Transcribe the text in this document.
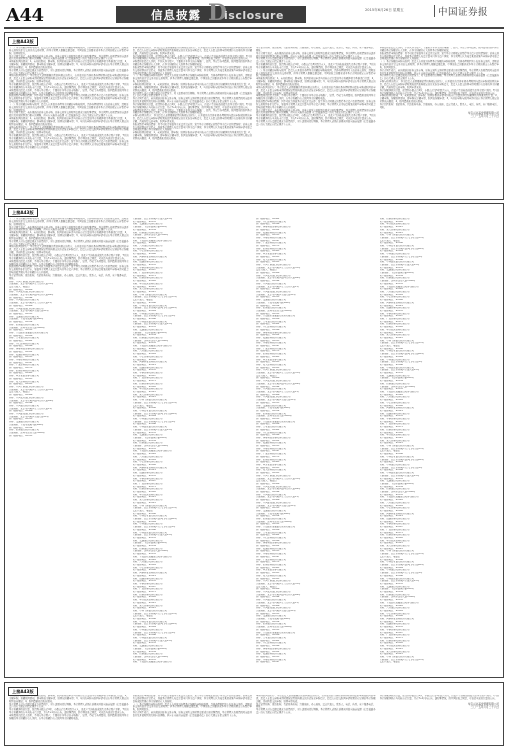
A44	信息披露 D
isclosure	2015年6月26日 星期五	中国证券报
上接A43版
（三）基金份额的申购与赎回：投资人在开放日办理基金份额的申购和赎回，具体办理时间为上海证券交易所、深圳证券交易所的正常交易日的交易时间，但基金管理人根据法律法规、中国证监会的要求或本基金合同的规定公告暂停申购、赎回时除外。
基金合同生效后，若出现新的证券交易市场、证券交易所交易时间变更或其他特殊情况，基金管理人将视情况对前述开放日及开放时间进行相应的调整，但应在实施日前依照《信息披露办法》的有关规定在指定媒介上公告。
申购和赎回的原则：1、未知价原则，即申购、赎回价格以申请当日收市后计算的基金份额净值为基准进行计算；2、金额申购、份额赎回原则，即申购以金额申请，赎回以份额申请；3、当日的申购与赎回申请可以在基金管理人规定的时间以内撤销；4、赎回遵循先进先出原则。
基金管理人可在法律法规允许的情况下，对上述原则进行调整。基金管理人必须在新规则开始实施前依照《信息披露办法》的有关规定在指定媒介上公告。
申购与赎回的程序：基金投资人必须根据销售机构规定的程序，在开放日的具体业务办理时间内提出申购或赎回的申请。投资人在提交申购申请时须按销售机构规定的方式备足申购资金，投资人在提交赎回申请时须持有足够的基金份额余额，否则所提交的申购、赎回申请无效。
基金份额净值的计算，保留到小数点后4位，小数点后第5位四舍五入，由此产生的收益或损失由基金财产承担。T日的基金份额净值在当天收市后计算，并在T+1日内公告。遇特殊情况，经中国证监会同意，可以适当延迟计算或公告。
申购费用由投资人承担，不列入基金财产，主要用于本基金的市场推广、销售、登记等各项费用。赎回费用由赎回基金份额的基金份额持有人承担，在基金份额持有人赎回基金份额时收取。
拒绝或暂停申购的情形：因不可抗力导致基金无法正常运作；发生基金合同规定的暂停基金资产估值情况时；证券交易所交易时间非正常停市，导致基金管理人无法计算当日基金资产净值；基金管理人认为接受某笔或某些申购申请可能会影响或损害现有基金份额持有人利益时。
（三）基金份额的申购与赎回：投资人在开放日办理基金份额的申购和赎回，具体办理时间为上海证券交易所、深圳证券交易所的正常交易日的交易时间，但基金管理人根据法律法规、中国证监会的要求或本基金合同的规定公告暂停申购、赎回时除外。
基金合同生效后，若出现新的证券交易市场、证券交易所交易时间变更或其他特殊情况，基金管理人将视情况对前述开放日及开放时间进行相应的调整，但应在实施日前依照《信息披露办法》的有关规定在指定媒介上公告。
申购和赎回的原则：1、未知价原则，即申购、赎回价格以申请当日收市后计算的基金份额净值为基准进行计算；2、金额申购、份额赎回原则，即申购以金额申请，赎回以份额申请；3、当日的申购与赎回申请可以在基金管理人规定的时间以内撤销；4、赎回遵循先进先出原则。
申购与赎回的程序：基金投资人必须根据销售机构规定的程序，在开放日的具体业务办理时间内提出申购或赎回的申请。投资人在提交申购申请时须按销售机构规定的方式备足申购资金，投资人在提交赎回申请时须持有足够的基金份额余额，否则所提交的申购、赎回申请无效。
基金份额净值的计算，保留到小数点后4位，小数点后第5位四舍五入，由此产生的收益或损失由基金财产承担。T日的基金份额净值在当天收市后计算，并在T+1日内公告。遇特殊情况，经中国证监会同意，可以适当延迟计算或公告。
拒绝或暂停申购的情形：因不可抗力导致基金无法正常运作；发生基金合同规定的暂停基金资产估值情况时；证券交易所交易时间非正常停市，导致基金管理人无法计算当日基金资产净值；基金管理人认为接受某笔或某些申购申请可能会影响或损害现有基金份额持有人利益时。
申购与赎回的程序：基金投资人必须根据销售机构规定的程序，在开放日的具体业务办理时间内提出申购或赎回的申请。投资人在提交申购申请时须按销售机构规定的方式备足申购资金，投资人在提交赎回申请时须持有足够的基金份额余额，否则所提交的申购、赎回申请无效。
基金份额净值的计算，保留到小数点后4位，小数点后第5位四舍五入，由此产生的收益或损失由基金财产承担。T日的基金份额净值在当天收市后计算，并在T+1日内公告。遇特殊情况，经中国证监会同意，可以适当延迟计算或公告。
申购费用由投资人承担，不列入基金财产，主要用于本基金的市场推广、销售、登记等各项费用。赎回费用由赎回基金份额的基金份额持有人承担，在基金份额持有人赎回基金份额时收取。
拒绝或暂停申购的情形：因不可抗力导致基金无法正常运作；发生基金合同规定的暂停基金资产估值情况时；证券交易所交易时间非正常停市，导致基金管理人无法计算当日基金资产净值；基金管理人认为接受某笔或某些申购申请可能会影响或损害现有基金份额持有人利益时。
（三）基金份额的申购与赎回：投资人在开放日办理基金份额的申购和赎回，具体办理时间为上海证券交易所、深圳证券交易所的正常交易日的交易时间，但基金管理人根据法律法规、中国证监会的要求或本基金合同的规定公告暂停申购、赎回时除外。
申购和赎回的原则：1、未知价原则，即申购、赎回价格以申请当日收市后计算的基金份额净值为基准进行计算；2、金额申购、份额赎回原则，即申购以金额申请，赎回以份额申请；3、当日的申购与赎回申请可以在基金管理人规定的时间以内撤销；4、赎回遵循先进先出原则。
基金管理人可在法律法规允许的情况下，对上述原则进行调整。基金管理人必须在新规则开始实施前依照《信息披露办法》的有关规定在指定媒介上公告。
基金合同生效后，若出现新的证券交易市场、证券交易所交易时间变更或其他特殊情况，基金管理人将视情况对前述开放日及开放时间进行相应的调整，但应在实施日前依照《信息披露办法》的有关规定在指定媒介上公告。
基金份额净值的计算，保留到小数点后4位，小数点后第5位四舍五入，由此产生的收益或损失由基金财产承担。T日的基金份额净值在当天收市后计算，并在T+1日内公告。遇特殊情况，经中国证监会同意，可以适当延迟计算或公告。
申购费用由投资人承担，不列入基金财产，主要用于本基金的市场推广、销售、登记等各项费用。赎回费用由赎回基金份额的基金份额持有人承担，在基金份额持有人赎回基金份额时收取。
申购与赎回的程序：基金投资人必须根据销售机构规定的程序，在开放日的具体业务办理时间内提出申购或赎回的申请。投资人在提交申购申请时须按销售机构规定的方式备足申购资金，投资人在提交赎回申请时须持有足够的基金份额余额，否则所提交的申购、赎回申请无效。
拒绝或暂停申购的情形：因不可抗力导致基金无法正常运作；发生基金合同规定的暂停基金资产估值情况时；证券交易所交易时间非正常停市，导致基金管理人无法计算当日基金资产净值；基金管理人认为接受某笔或某些申购申请可能会影响或损害现有基金份额持有人利益时。
申购和赎回的原则：1、未知价原则，即申购、赎回价格以申请当日收市后计算的基金份额净值为基准进行计算；2、金额申购、份额赎回原则，即申购以金额申请，赎回以份额申请；3、当日的申购与赎回申请可以在基金管理人规定的时间以内撤销；4、赎回遵循先进先出原则。
基金销售机构：直销机构、代销机构名称、注册地址、办公地址、法定代表人、联系人、电话、传真、客户服务电话、网址。
基金合同生效后，若出现新的证券交易市场、证券交易所交易时间变更或其他特殊情况，基金管理人将视情况对前述开放日及开放时间进行相应的调整，但应在实施日前依照《信息披露办法》的有关规定在指定媒介上公告。
基金管理人可在法律法规允许的情况下，对上述原则进行调整。基金管理人必须在新规则开始实施前依照《信息披露办法》的有关规定在指定媒介上公告。
基金份额净值的计算，保留到小数点后4位，小数点后第5位四舍五入，由此产生的收益或损失由基金财产承担。T日的基金份额净值在当天收市后计算，并在T+1日内公告。遇特殊情况，经中国证监会同意，可以适当延迟计算或公告。
（三）基金份额的申购与赎回：投资人在开放日办理基金份额的申购和赎回，具体办理时间为上海证券交易所、深圳证券交易所的正常交易日的交易时间，但基金管理人根据法律法规、中国证监会的要求或本基金合同的规定公告暂停申购、赎回时除外。
申购和赎回的原则：1、未知价原则，即申购、赎回价格以申请当日收市后计算的基金份额净值为基准进行计算；2、金额申购、份额赎回原则，即申购以金额申请，赎回以份额申请；3、当日的申购与赎回申请可以在基金管理人规定的时间以内撤销；4、赎回遵循先进先出原则。
申购与赎回的程序：基金投资人必须根据销售机构规定的程序，在开放日的具体业务办理时间内提出申购或赎回的申请。投资人在提交申购申请时须按销售机构规定的方式备足申购资金，投资人在提交赎回申请时须持有足够的基金份额余额，否则所提交的申购、赎回申请无效。
申购费用由投资人承担，不列入基金财产，主要用于本基金的市场推广、销售、登记等各项费用。赎回费用由赎回基金份额的基金份额持有人承担，在基金份额持有人赎回基金份额时收取。
拒绝或暂停申购的情形：因不可抗力导致基金无法正常运作；发生基金合同规定的暂停基金资产估值情况时；证券交易所交易时间非正常停市，导致基金管理人无法计算当日基金资产净值；基金管理人认为接受某笔或某些申购申请可能会影响或损害现有基金份额持有人利益时。
基金合同生效后，若出现新的证券交易市场、证券交易所交易时间变更或其他特殊情况，基金管理人将视情况对前述开放日及开放时间进行相应的调整，但应在实施日前依照《信息披露办法》的有关规定在指定媒介上公告。
基金份额净值的计算，保留到小数点后4位，小数点后第5位四舍五入，由此产生的收益或损失由基金财产承担。T日的基金份额净值在当天收市后计算，并在T+1日内公告。遇特殊情况，经中国证监会同意，可以适当延迟计算或公告。
基金管理人可在法律法规允许的情况下，对上述原则进行调整。基金管理人必须在新规则开始实施前依照《信息披露办法》的有关规定在指定媒介上公告。
申购费用由投资人承担，不列入基金财产，主要用于本基金的市场推广、销售、登记等各项费用。赎回费用由赎回基金份额的基金份额持有人承担，在基金份额持有人赎回基金份额时收取。
拒绝或暂停申购的情形：因不可抗力导致基金无法正常运作；发生基金合同规定的暂停基金资产估值情况时；证券交易所交易时间非正常停市，导致基金管理人无法计算当日基金资产净值；基金管理人认为接受某笔或某些申购申请可能会影响或损害现有基金份额持有人利益时。
（三）基金份额的申购与赎回：投资人在开放日办理基金份额的申购和赎回，具体办理时间为上海证券交易所、深圳证券交易所的正常交易日的交易时间，但基金管理人根据法律法规、中国证监会的要求或本基金合同的规定公告暂停申购、赎回时除外。
基金合同生效后，若出现新的证券交易市场、证券交易所交易时间变更或其他特殊情况，基金管理人将视情况对前述开放日及开放时间进行相应的调整，但应在实施日前依照《信息披露办法》的有关规定在指定媒介上公告。
基金管理人可在法律法规允许的情况下，对上述原则进行调整。基金管理人必须在新规则开始实施前依照《信息披露办法》的有关规定在指定媒介上公告。
申购与赎回的程序：基金投资人必须根据销售机构规定的程序，在开放日的具体业务办理时间内提出申购或赎回的申请。投资人在提交申购申请时须按销售机构规定的方式备足申购资金，投资人在提交赎回申请时须持有足够的基金份额余额，否则所提交的申购、赎回申请无效。
基金份额净值的计算，保留到小数点后4位，小数点后第5位四舍五入，由此产生的收益或损失由基金财产承担。T日的基金份额净值在当天收市后计算，并在T+1日内公告。遇特殊情况，经中国证监会同意，可以适当延迟计算或公告。
申购和赎回的原则：1、未知价原则，即申购、赎回价格以申请当日收市后计算的基金份额净值为基准进行计算；2、金额申购、份额赎回原则，即申购以金额申请，赎回以份额申请；3、当日的申购与赎回申请可以在基金管理人规定的时间以内撤销；4、赎回遵循先进先出原则。
基金销售机构：直销机构、代销机构名称、注册地址、办公地址、法定代表人、联系人、电话、传真、客户服务电话、网址。
华宝兴业基金管理有限公司
二〇一五年六月二十六日
上接A43版
（三）基金份额的申购与赎回：投资人在开放日办理基金份额的申购和赎回，具体办理时间为上海证券交易所、深圳证券交易所的正常交易日的交易时间，但基金管理人根据法律法规、中国证监会的要求或本基金合同的规定公告暂停申购、赎回时除外。
基金合同生效后，若出现新的证券交易市场、证券交易所交易时间变更或其他特殊情况，基金管理人将视情况对前述开放日及开放时间进行相应的调整，但应在实施日前依照《信息披露办法》的有关规定在指定媒介上公告。
申购和赎回的原则：1、未知价原则，即申购、赎回价格以申请当日收市后计算的基金份额净值为基准进行计算；2、金额申购、份额赎回原则，即申购以金额申请，赎回以份额申请；3、当日的申购与赎回申请可以在基金管理人规定的时间以内撤销；4、赎回遵循先进先出原则。
基金管理人可在法律法规允许的情况下，对上述原则进行调整。基金管理人必须在新规则开始实施前依照《信息披露办法》的有关规定在指定媒介上公告。
申购与赎回的程序：基金投资人必须根据销售机构规定的程序，在开放日的具体业务办理时间内提出申购或赎回的申请。投资人在提交申购申请时须按销售机构规定的方式备足申购资金，投资人在提交赎回申请时须持有足够的基金份额余额，否则所提交的申购、赎回申请无效。
基金份额净值的计算，保留到小数点后4位，小数点后第5位四舍五入，由此产生的收益或损失由基金财产承担。T日的基金份额净值在当天收市后计算，并在T+1日内公告。遇特殊情况，经中国证监会同意，可以适当延迟计算或公告。
申购费用由投资人承担，不列入基金财产，主要用于本基金的市场推广、销售、登记等各项费用。赎回费用由赎回基金份额的基金份额持有人承担，在基金份额持有人赎回基金份额时收取。
拒绝或暂停申购的情形：因不可抗力导致基金无法正常运作；发生基金合同规定的暂停基金资产估值情况时；证券交易所交易时间非正常停市，导致基金管理人无法计算当日基金资产净值；基金管理人认为接受某笔或某些申购申请可能会影响或损害现有基金份额持有人利益时。
基金销售机构：直销机构、代销机构名称、注册地址、办公地址、法定代表人、联系人、电话、传真、客户服务电话、网址。
名称：中国工商银行股份有限公司
注册地址：北京市西城区复兴门内大街55号
法定代表人：姜建清
客户服务电话：95588
名称：中国农业银行股份有限公司
注册地址：北京市东城区建国门内大街69号
客户服务电话：95599
名称：中国银行股份有限公司
注册地址：北京市西城区复兴门内大街1号
客户服务电话：95566
名称：中国建设银行股份有限公司
注册地址：北京市西城区金融大街25号
客户服务电话：95533
名称：交通银行股份有限公司
注册地址：上海市银城中路188号
客户服务电话：95559
名称：招商银行股份有限公司
注册地址：深圳市深南大道7088号
客户服务电话：95555
名称：上海浦东发展银行股份有限公司
客户服务电话：95528
名称：兴业银行股份有限公司
客户服务电话：95561
名称：中信证券股份有限公司
客户服务电话：95548
名称：国泰君安证券股份有限公司
客户服务电话：95521
名称：海通证券股份有限公司
客户服务电话：95553
名称：华泰证券股份有限公司
客户服务电话：95597
名称：广发证券股份有限公司
客户服务电话：95575
名称：招商证券股份有限公司
客户服务电话：95565
名称：申万宏源证券有限公司
客户服务电话：95523
名称：光大证券股份有限公司
客户服务电话：95525
名称：中国工商银行股份有限公司
注册地址：北京市西城区复兴门内大街55号
法定代表人：姜建清
客户服务电话：95588
名称：中国农业银行股份有限公司
注册地址：北京市东城区建国门内大街69号
客户服务电话：95599
名称：中国银行股份有限公司
注册地址：北京市西城区复兴门内大街1号
客户服务电话：95566
名称：中国建设银行股份有限公司
注册地址：北京市西城区金融大街25号
客户服务电话：95533
名称：交通银行股份有限公司
注册地址：上海市银城中路188号
客户服务电话：95559
名称：招商银行股份有限公司
注册地址：深圳市深南大道7088号
客户服务电话：95555
注册地址：北京市西城区金融大街25号
客户服务电话：95533
名称：交通银行股份有限公司
注册地址：上海市银城中路188号
客户服务电话：95559
名称：招商银行股份有限公司
注册地址：深圳市深南大道7088号
客户服务电话：95555
名称：上海浦东发展银行股份有限公司
客户服务电话：95528
名称：兴业银行股份有限公司
客户服务电话：95561
名称：中信证券股份有限公司
客户服务电话：95548
名称：国泰君安证券股份有限公司
客户服务电话：95521
名称：海通证券股份有限公司
客户服务电话：95553
名称：华泰证券股份有限公司
客户服务电话：95597
名称：广发证券股份有限公司
客户服务电话：95575
名称：招商证券股份有限公司
客户服务电话：95565
名称：申万宏源证券有限公司
客户服务电话：95523
名称：光大证券股份有限公司
客户服务电话：95525
名称：中国工商银行股份有限公司
注册地址：北京市西城区复兴门内大街55号
法定代表人：姜建清
客户服务电话：95588
名称：中国农业银行股份有限公司
注册地址：北京市东城区建国门内大街69号
客户服务电话：95599
名称：中国银行股份有限公司
注册地址：北京市西城区复兴门内大街1号
客户服务电话：95566
名称：中国建设银行股份有限公司
注册地址：北京市西城区金融大街25号
客户服务电话：95533
名称：交通银行股份有限公司
注册地址：上海市银城中路188号
客户服务电话：95559
名称：招商银行股份有限公司
注册地址：深圳市深南大道7088号
客户服务电话：95555
名称：上海浦东发展银行股份有限公司
客户服务电话：95528
名称：兴业银行股份有限公司
客户服务电话：95561
名称：中信证券股份有限公司
客户服务电话：95548
名称：国泰君安证券股份有限公司
客户服务电话：95521
名称：海通证券股份有限公司
客户服务电话：95553
名称：华泰证券股份有限公司
客户服务电话：95597
名称：广发证券股份有限公司
客户服务电话：95575
名称：招商证券股份有限公司
客户服务电话：95565
名称：申万宏源证券有限公司
客户服务电话：95523
名称：光大证券股份有限公司
客户服务电话：95525
名称：中国工商银行股份有限公司
注册地址：北京市西城区复兴门内大街55号
法定代表人：姜建清
客户服务电话：95588
名称：中国农业银行股份有限公司
注册地址：北京市东城区建国门内大街69号
客户服务电话：95599
名称：中国银行股份有限公司
注册地址：北京市西城区复兴门内大街1号
客户服务电话：95566
名称：中国建设银行股份有限公司
注册地址：北京市西城区金融大街25号
客户服务电话：95533
名称：交通银行股份有限公司
注册地址：上海市银城中路188号
客户服务电话：95559
名称：招商银行股份有限公司
注册地址：深圳市深南大道7088号
客户服务电话：95555
名称：上海浦东发展银行股份有限公司
客户服务电话：95528
名称：兴业银行股份有限公司
客户服务电话：95561
名称：中信证券股份有限公司
客户服务电话：95548
名称：国泰君安证券股份有限公司
客户服务电话：95521
名称：海通证券股份有限公司
客户服务电话：95553
名称：华泰证券股份有限公司
客户服务电话：95597
名称：广发证券股份有限公司
客户服务电话：95575
名称：招商证券股份有限公司
客户服务电话：95565
名称：申万宏源证券有限公司
客户服务电话：95523
名称：光大证券股份有限公司
客户服务电话：95525
名称：中国工商银行股份有限公司
注册地址：北京市西城区复兴门内大街55号
法定代表人：姜建清
客户服务电话：95588
名称：中国农业银行股份有限公司
注册地址：北京市东城区建国门内大街69号
客户服务电话：95599
名称：中国银行股份有限公司
注册地址：北京市西城区复兴门内大街1号
客户服务电话：95566
名称：中国建设银行股份有限公司
注册地址：北京市西城区金融大街25号
客户服务电话：95533
名称：交通银行股份有限公司
注册地址：上海市银城中路188号
客户服务电话：95559
名称：招商银行股份有限公司
注册地址：深圳市深南大道7088号
客户服务电话：95555
名称：上海浦东发展银行股份有限公司
客户服务电话：95528
名称：兴业银行股份有限公司
客户服务电话：95561
名称：中信证券股份有限公司
客户服务电话：95548
名称：国泰君安证券股份有限公司
客户服务电话：95521
名称：海通证券股份有限公司
客户服务电话：95553
名称：华泰证券股份有限公司
客户服务电话：95597
名称：广发证券股份有限公司
客户服务电话：95575
名称：招商证券股份有限公司
客户服务电话：95565
名称：申万宏源证券有限公司
客户服务电话：95523
名称：光大证券股份有限公司
客户服务电话：95525
名称：中国工商银行股份有限公司
注册地址：北京市西城区复兴门内大街55号
法定代表人：姜建清
客户服务电话：95588
名称：中国农业银行股份有限公司
注册地址：北京市东城区建国门内大街69号
客户服务电话：95599
名称：中国银行股份有限公司
注册地址：北京市西城区复兴门内大街1号
客户服务电话：95566
名称：中国建设银行股份有限公司
注册地址：北京市西城区金融大街25号
客户服务电话：95533
名称：交通银行股份有限公司
注册地址：上海市银城中路188号
客户服务电话：95559
名称：招商银行股份有限公司
注册地址：深圳市深南大道7088号
客户服务电话：95555
名称：上海浦东发展银行股份有限公司
客户服务电话：95561
名称：中信证券股份有限公司
客户服务电话：95548
名称：国泰君安证券股份有限公司
客户服务电话：95521
名称：海通证券股份有限公司
客户服务电话：95553
名称：华泰证券股份有限公司
客户服务电话：95597
名称：广发证券股份有限公司
客户服务电话：95575
名称：招商证券股份有限公司
客户服务电话：95565
名称：申万宏源证券有限公司
客户服务电话：95523
名称：光大证券股份有限公司
客户服务电话：95525
名称：中国工商银行股份有限公司
注册地址：北京市西城区复兴门内大街55号
法定代表人：姜建清
客户服务电话：95588
名称：中国农业银行股份有限公司
注册地址：北京市东城区建国门内大街69号
客户服务电话：95599
名称：中国银行股份有限公司
注册地址：北京市西城区复兴门内大街1号
客户服务电话：95566
名称：中国建设银行股份有限公司
注册地址：北京市西城区金融大街25号
客户服务电话：95533
名称：交通银行股份有限公司
注册地址：上海市银城中路188号
客户服务电话：95559
名称：招商银行股份有限公司
注册地址：深圳市深南大道7088号
客户服务电话：95555
名称：上海浦东发展银行股份有限公司
客户服务电话：95528
名称：兴业银行股份有限公司
客户服务电话：95561
名称：中信证券股份有限公司
客户服务电话：95548
名称：国泰君安证券股份有限公司
客户服务电话：95521
名称：海通证券股份有限公司
客户服务电话：95553
名称：华泰证券股份有限公司
客户服务电话：95597
名称：广发证券股份有限公司
客户服务电话：95575
名称：招商证券股份有限公司
客户服务电话：95565
名称：申万宏源证券有限公司
客户服务电话：95523
名称：光大证券股份有限公司
客户服务电话：95525
名称：中国工商银行股份有限公司
注册地址：北京市西城区复兴门内大街55号
法定代表人：姜建清
客户服务电话：95588
名称：中国农业银行股份有限公司
注册地址：北京市东城区建国门内大街69号
客户服务电话：95599
名称：中国银行股份有限公司
注册地址：北京市西城区复兴门内大街1号
客户服务电话：95566
名称：中国建设银行股份有限公司
注册地址：北京市西城区金融大街25号
客户服务电话：95533
名称：交通银行股份有限公司
注册地址：上海市银城中路188号
客户服务电话：95559
名称：招商银行股份有限公司
注册地址：深圳市深南大道7088号
客户服务电话：95555
名称：上海浦东发展银行股份有限公司
客户服务电话：95528
名称：兴业银行股份有限公司
客户服务电话：95561
名称：中信证券股份有限公司
客户服务电话：95548
名称：国泰君安证券股份有限公司
客户服务电话：95521
名称：海通证券股份有限公司
客户服务电话：95553
名称：华泰证券股份有限公司
客户服务电话：95597
名称：广发证券股份有限公司
客户服务电话：95575
名称：招商证券股份有限公司
客户服务电话：95565
名称：申万宏源证券有限公司
客户服务电话：95523
名称：光大证券股份有限公司
客户服务电话：95525
名称：中国工商银行股份有限公司
注册地址：北京市西城区复兴门内大街55号
法定代表人：姜建清
客户服务电话：95588
名称：中国农业银行股份有限公司
注册地址：北京市东城区建国门内大街69号
客户服务电话：95599
名称：中国银行股份有限公司
注册地址：北京市西城区复兴门内大街1号
客户服务电话：95566
名称：中国建设银行股份有限公司
注册地址：北京市西城区金融大街25号
客户服务电话：95533
名称：交通银行股份有限公司
注册地址：上海市银城中路188号
客户服务电话：95559
名称：招商银行股份有限公司
注册地址：深圳市深南大道7088号
客户服务电话：95555
名称：上海浦东发展银行股份有限公司
客户服务电话：95528
名称：兴业银行股份有限公司
客户服务电话：95561
名称：中信证券股份有限公司
客户服务电话：95548
名称：国泰君安证券股份有限公司
客户服务电话：95521
名称：海通证券股份有限公司
客户服务电话：95553
名称：华泰证券股份有限公司
客户服务电话：95597
名称：广发证券股份有限公司
客户服务电话：95575
名称：招商证券股份有限公司
客户服务电话：95565
名称：申万宏源证券有限公司
客户服务电话：95523
名称：光大证券股份有限公司
客户服务电话：95525
名称：中国工商银行股份有限公司
注册地址：北京市西城区复兴门内大街55号
法定代表人：姜建清
客户服务电话：95588
名称：中国农业银行股份有限公司
注册地址：北京市东城区建国门内大街69号
客户服务电话：95599
名称：中国银行股份有限公司
注册地址：北京市西城区复兴门内大街1号
客户服务电话：95566
名称：中国建设银行股份有限公司
注册地址：北京市西城区金融大街25号
客户服务电话：95533
名称：交通银行股份有限公司
注册地址：上海市银城中路188号
客户服务电话：95559
名称：招商银行股份有限公司
注册地址：深圳市深南大道7088号
客户服务电话：95555
名称：上海浦东发展银行股份有限公司
客户服务电话：95528
名称：兴业银行股份有限公司
客户服务电话：95561
名称：中信证券股份有限公司
客户服务电话：95548
名称：国泰君安证券股份有限公司
客户服务电话：95521
名称：海通证券股份有限公司
客户服务电话：95553
名称：华泰证券股份有限公司
客户服务电话：95597
名称：招商证券股份有限公司
客户服务电话：95565
名称：申万宏源证券有限公司
客户服务电话：95523
名称：光大证券股份有限公司
客户服务电话：95525
名称：中国工商银行股份有限公司
注册地址：北京市西城区复兴门内大街55号
法定代表人：姜建清
客户服务电话：95588
名称：中国农业银行股份有限公司
注册地址：北京市东城区建国门内大街69号
客户服务电话：95599
名称：中国银行股份有限公司
注册地址：北京市西城区复兴门内大街1号
客户服务电话：95566
名称：中国建设银行股份有限公司
注册地址：北京市西城区金融大街25号
客户服务电话：95533
名称：交通银行股份有限公司
注册地址：上海市银城中路188号
客户服务电话：95559
名称：招商银行股份有限公司
注册地址：深圳市深南大道7088号
客户服务电话：95555
名称：上海浦东发展银行股份有限公司
客户服务电话：95528
名称：兴业银行股份有限公司
客户服务电话：95561
名称：中信证券股份有限公司
客户服务电话：95548
名称：国泰君安证券股份有限公司
客户服务电话：95521
名称：海通证券股份有限公司
客户服务电话：95553
名称：华泰证券股份有限公司
客户服务电话：95597
名称：广发证券股份有限公司
客户服务电话：95575
名称：招商证券股份有限公司
客户服务电话：95565
名称：申万宏源证券有限公司
客户服务电话：95523
名称：光大证券股份有限公司
客户服务电话：95525
名称：中国工商银行股份有限公司
注册地址：北京市西城区复兴门内大街55号
法定代表人：姜建清
客户服务电话：95588
名称：中国农业银行股份有限公司
注册地址：北京市东城区建国门内大街69号
客户服务电话：95599
名称：中国银行股份有限公司
注册地址：北京市西城区复兴门内大街1号
客户服务电话：95566
名称：中国建设银行股份有限公司
注册地址：北京市西城区金融大街25号
客户服务电话：95533
名称：交通银行股份有限公司
注册地址：上海市银城中路188号
客户服务电话：95559
名称：招商银行股份有限公司
注册地址：深圳市深南大道7088号
客户服务电话：95555
名称：上海浦东发展银行股份有限公司
客户服务电话：95528
名称：兴业银行股份有限公司
客户服务电话：95561
名称：中信证券股份有限公司
客户服务电话：95548
名称：国泰君安证券股份有限公司
客户服务电话：95521
名称：海通证券股份有限公司
客户服务电话：95553
名称：华泰证券股份有限公司
客户服务电话：95597
名称：广发证券股份有限公司
客户服务电话：95575
名称：招商证券股份有限公司
客户服务电话：95565
名称：申万宏源证券有限公司
客户服务电话：95523
名称：光大证券股份有限公司
客户服务电话：95525
名称：中国工商银行股份有限公司
注册地址：北京市西城区复兴门内大街55号
法定代表人：姜建清
客户服务电话：95588
名称：中国农业银行股份有限公司
注册地址：北京市东城区建国门内大街69号
客户服务电话：95599
名称：中国银行股份有限公司
注册地址：北京市西城区复兴门内大街1号
客户服务电话：95566
名称：中国建设银行股份有限公司
注册地址：北京市西城区金融大街25号
客户服务电话：95533
名称：交通银行股份有限公司
注册地址：上海市银城中路188号
客户服务电话：95559
名称：招商银行股份有限公司
注册地址：深圳市深南大道7088号
客户服务电话：95555
名称：上海浦东发展银行股份有限公司
客户服务电话：95528
名称：兴业银行股份有限公司
客户服务电话：95561
名称：中信证券股份有限公司
客户服务电话：95548
名称：国泰君安证券股份有限公司
客户服务电话：95521
名称：海通证券股份有限公司
客户服务电话：95553
名称：华泰证券股份有限公司
客户服务电话：95597
名称：广发证券股份有限公司
客户服务电话：95575
名称：招商证券股份有限公司
客户服务电话：95565
名称：申万宏源证券有限公司
客户服务电话：95523
名称：光大证券股份有限公司
客户服务电话：95525
名称：中国工商银行股份有限公司
注册地址：北京市西城区复兴门内大街55号
法定代表人：姜建清
客户服务电话：95588
名称：中国农业银行股份有限公司
注册地址：北京市东城区建国门内大街69号
客户服务电话：95599
名称：中国银行股份有限公司
注册地址：北京市西城区复兴门内大街1号
客户服务电话：95566
名称：中国建设银行股份有限公司
注册地址：北京市西城区金融大街25号
客户服务电话：95533
名称：交通银行股份有限公司
注册地址：上海市银城中路188号
客户服务电话：95559
名称：招商银行股份有限公司
注册地址：深圳市深南大道7088号
客户服务电话：95555
名称：上海浦东发展银行股份有限公司
客户服务电话：95528
名称：兴业银行股份有限公司
客户服务电话：95561
名称：中信证券股份有限公司
客户服务电话：95548
名称：国泰君安证券股份有限公司
客户服务电话：95521
名称：海通证券股份有限公司
客户服务电话：95553
名称：华泰证券股份有限公司
客户服务电话：95597
名称：广发证券股份有限公司
客户服务电话：95575
名称：招商证券股份有限公司
客户服务电话：95565
名称：申万宏源证券有限公司
客户服务电话：95523
名称：光大证券股份有限公司
客户服务电话：95525
名称：中国工商银行股份有限公司
注册地址：北京市西城区复兴门内大街55号
法定代表人：姜建清
上接A43版
申购和赎回的原则：1、未知价原则，即申购、赎回价格以申请当日收市后计算的基金份额净值为基准进行计算；2、金额申购、份额赎回原则，即申购以金额申请，赎回以份额申请；3、当日的申购与赎回申请可以在基金管理人规定的时间以内撤销；4、赎回遵循先进先出原则。
基金管理人可在法律法规允许的情况下，对上述原则进行调整。基金管理人必须在新规则开始实施前依照《信息披露办法》的有关规定在指定媒介上公告。
基金份额净值的计算，保留到小数点后4位，小数点后第5位四舍五入，由此产生的收益或损失由基金财产承担。T日的基金份额净值在当天收市后计算，并在T+1日内公告。遇特殊情况，经中国证监会同意，可以适当延迟计算或公告。
申购费用由投资人承担，不列入基金财产，主要用于本基金的市场推广、销售、登记等各项费用。赎回费用由赎回基金份额的基金份额持有人承担，在基金份额持有人赎回基金份额时收取。
拒绝或暂停申购的情形：因不可抗力导致基金无法正常运作；发生基金合同规定的暂停基金资产估值情况时；证券交易所交易时间非正常停市，导致基金管理人无法计算当日基金资产净值；基金管理人认为接受某笔或某些申购申请可能会影响或损害现有基金份额持有人利益时。
（三）基金份额的申购与赎回：投资人在开放日办理基金份额的申购和赎回，具体办理时间为上海证券交易所、深圳证券交易所的正常交易日的交易时间，但基金管理人根据法律法规、中国证监会的要求或本基金合同的规定公告暂停申购、赎回时除外。
基金合同生效后，若出现新的证券交易市场、证券交易所交易时间变更或其他特殊情况，基金管理人将视情况对前述开放日及开放时间进行相应的调整，但应在实施日前依照《信息披露办法》的有关规定在指定媒介上公告。
申购与赎回的程序：基金投资人必须根据销售机构规定的程序，在开放日的具体业务办理时间内提出申购或赎回的申请。投资人在提交申购申请时须按销售机构规定的方式备足申购资金，投资人在提交赎回申请时须持有足够的基金份额余额，否则所提交的申购、赎回申请无效。
基金销售机构：直销机构、代销机构名称、注册地址、办公地址、法定代表人、联系人、电话、传真、客户服务电话、网址。
基金管理人可在法律法规允许的情况下，对上述原则进行调整。基金管理人必须在新规则开始实施前依照《信息披露办法》的有关规定在指定媒介上公告。
基金份额净值的计算，保留到小数点后4位，小数点后第5位四舍五入，由此产生的收益或损失由基金财产承担。T日的基金份额净值在当天收市后计算，并在T+1日内公告。遇特殊情况，经中国证监会同意，可以适当延迟计算或公告。
华宝兴业基金管理有限公司
二〇一五年六月二十六日
